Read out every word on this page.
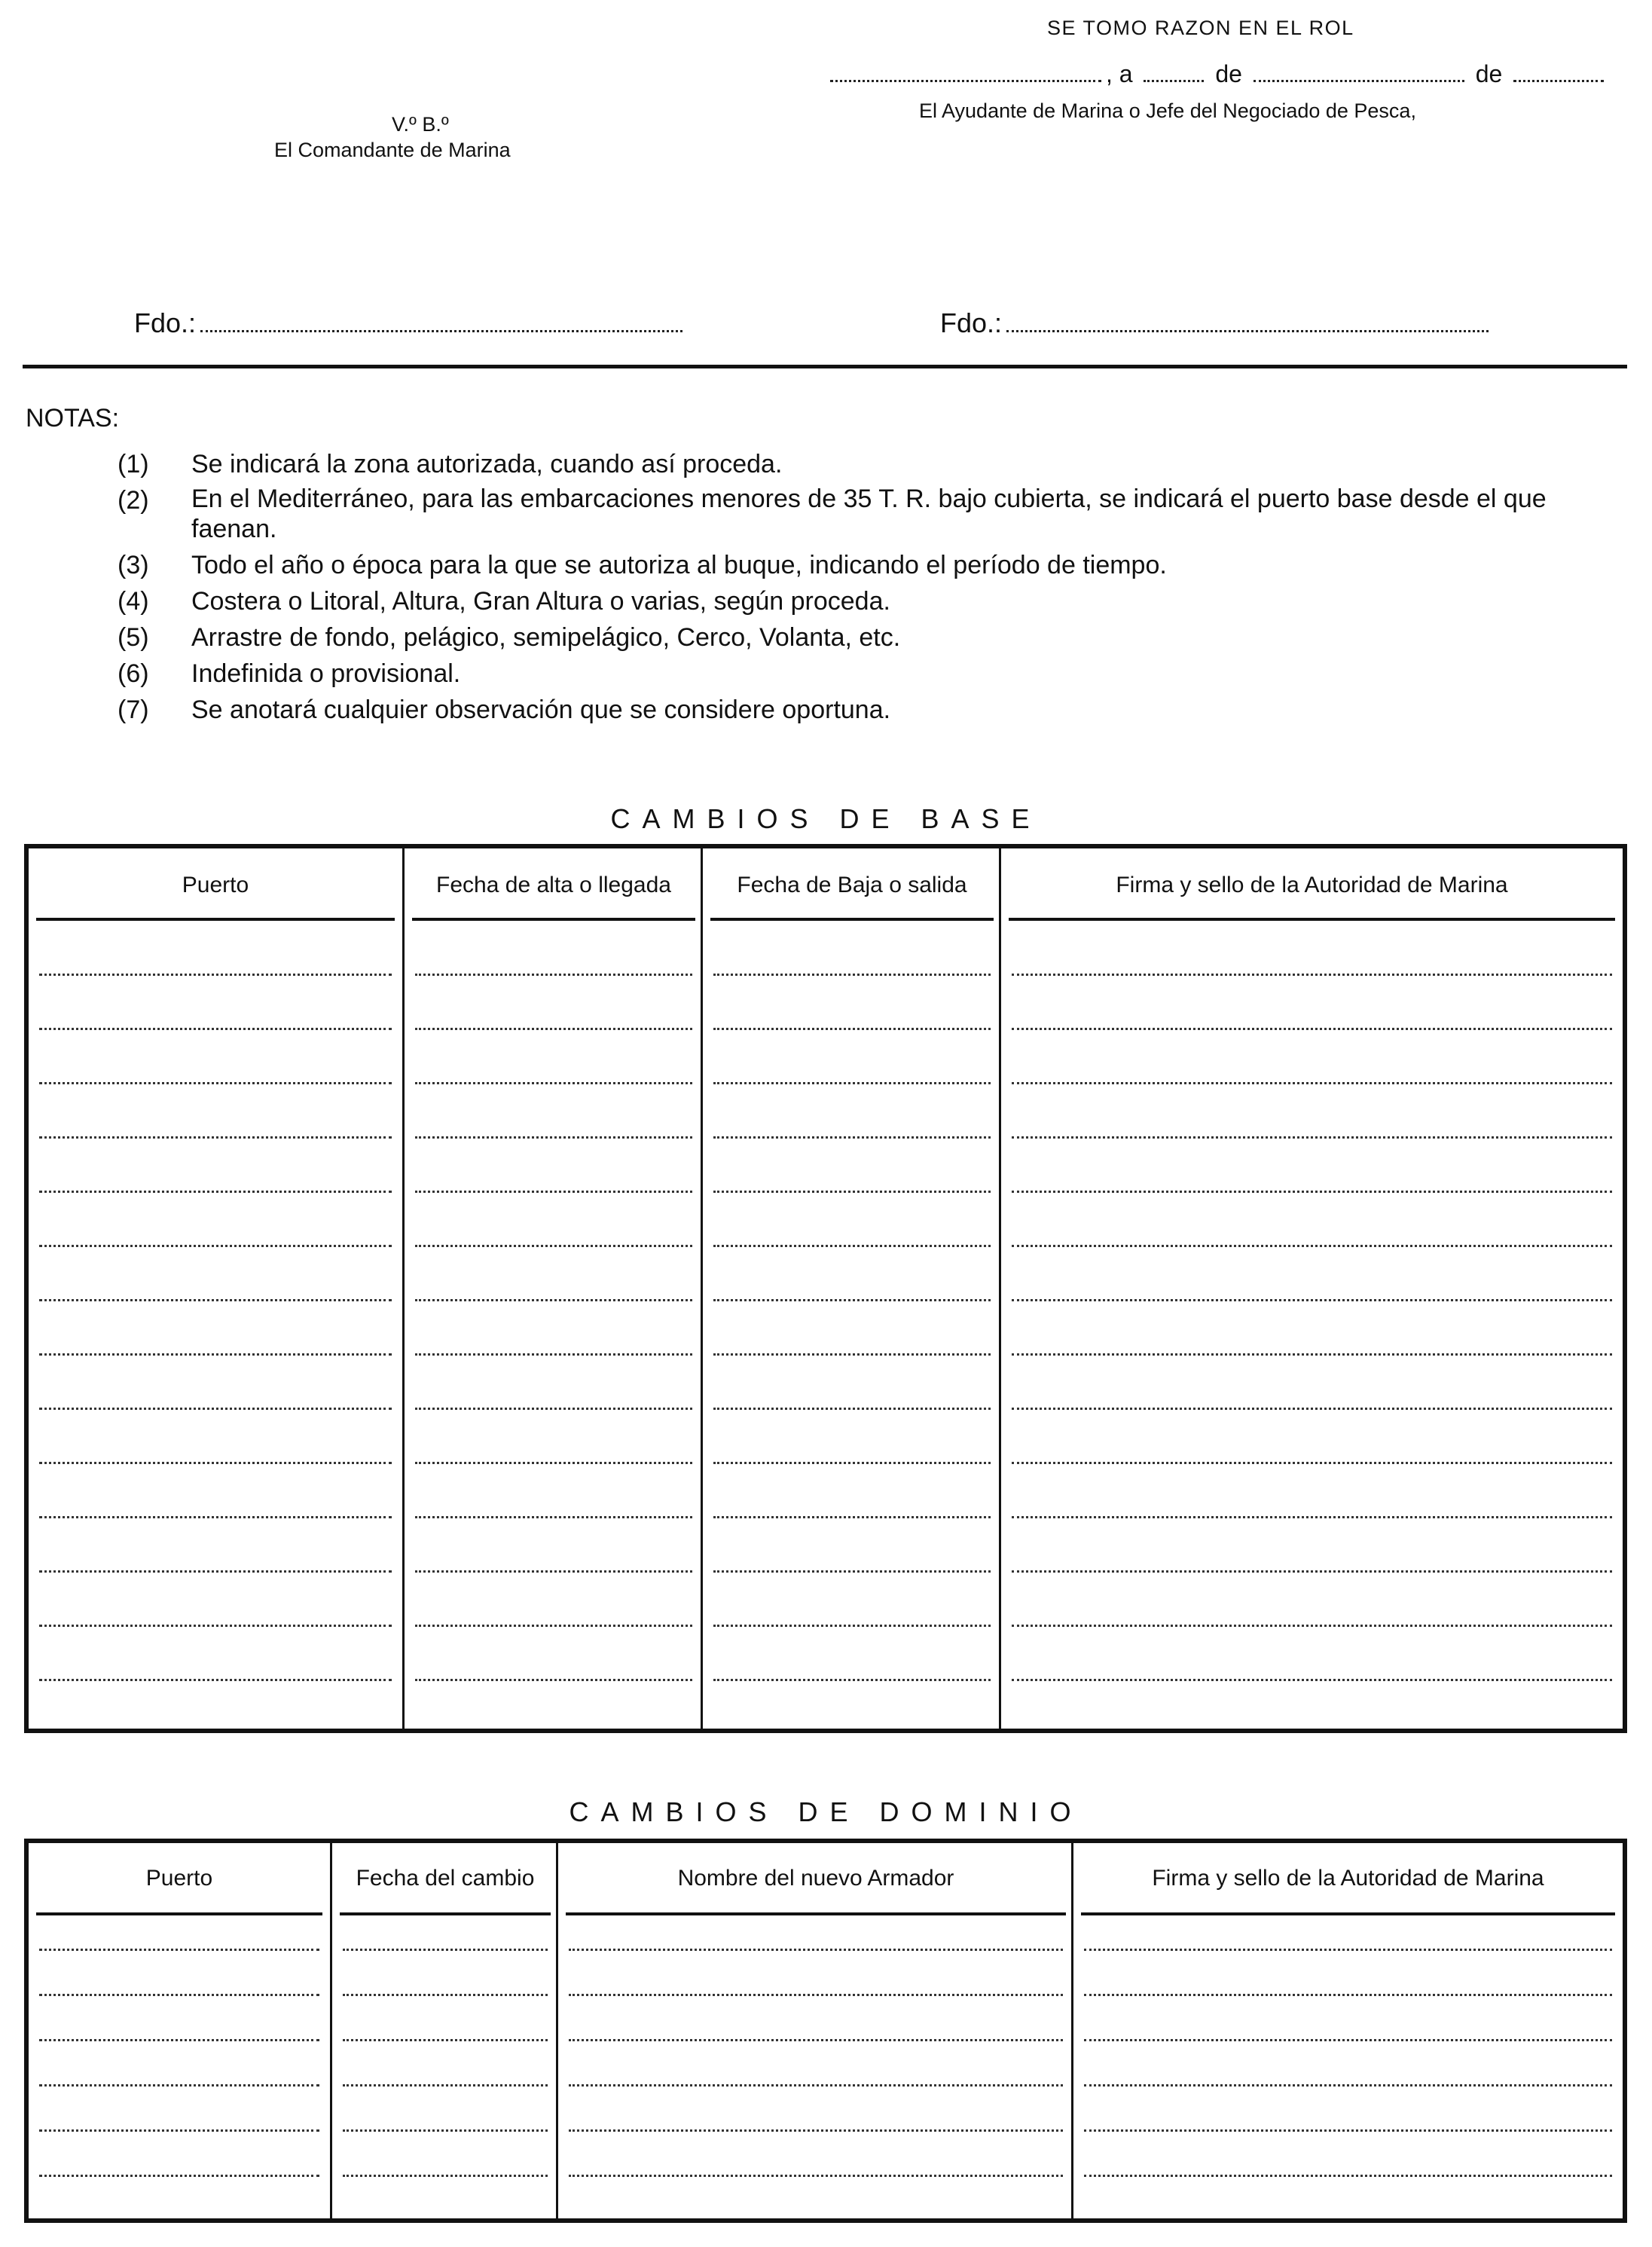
SE TOMO RAZON EN EL ROL
, a	de	de
El Ayudante de Marina o Jefe del Negociado de Pesca,
V.º B.º
El Comandante de Marina
Fdo.:	Fdo.:
NOTAS:
(1) Se indicará la zona autorizada, cuando así proceda.
(2) En el Mediterráneo, para las embarcaciones menores de 35 T. R. bajo cubierta, se indicará el puerto base desde el que faenan.
(3) Todo el año o época para la que se autoriza al buque, indicando el período de tiempo.
(4) Costera o Litoral, Altura, Gran Altura o varias, según proceda.
(5) Arrastre de fondo, pelágico, semipelágico, Cerco, Volanta, etc.
(6) Indefinida o provisional.
(7) Se anotará cualquier observación que se considere oportuna.
CAMBIOS DE BASE
Puerto	Fecha de alta o llegada	Fecha de Baja o salida	Firma y sello de la Autoridad de Marina
CAMBIOS DE DOMINIO
Puerto	Fecha del cambio	Nombre del nuevo Armador	Firma y sello de la Autoridad de Marina
